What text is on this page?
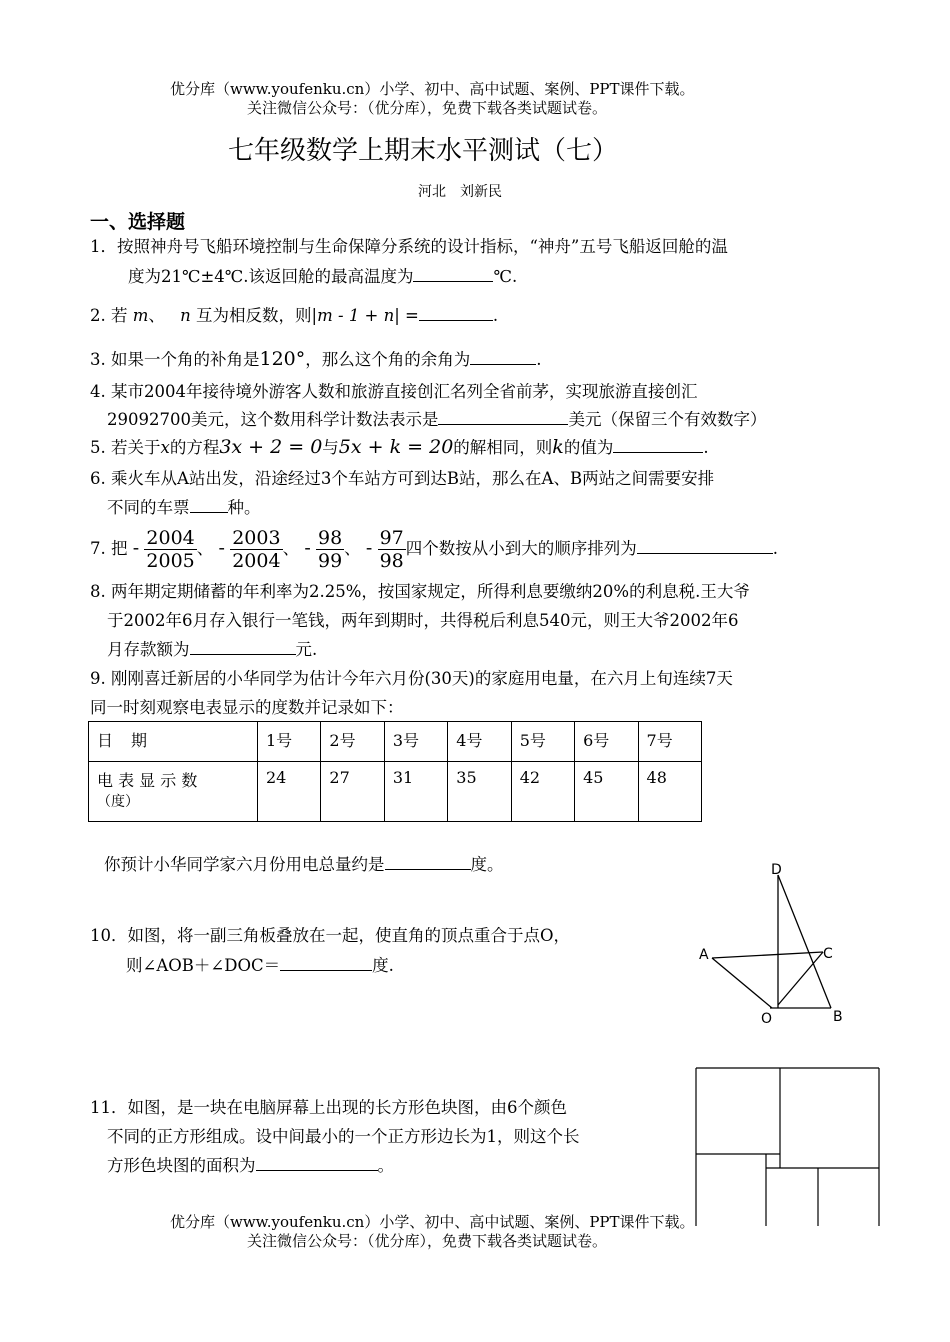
优分库（www.youfenku.cn）小学、初中、高中试题、案例、PPT课件下载。
关注微信公众号：（优分库），免费下载各类试题试卷。
七年级数学上期末水平测试（七）
河北　刘新民
一、选择题
1．按照神舟号飞船环境控制与生命保障分系统的设计指标，“神舟”五号飞船返回舱的温
度为21℃±4℃.该返回舱的最高温度为	℃.
2. 若 m、 n 互为相反数，则|m - 1 + n| =	.
3. 如果一个角的补角是120°，那么这个角的余角为	.
4. 某市2004年接待境外游客人数和旅游直接创汇名列全省前茅，实现旅游直接创汇
29092700美元，这个数用科学计数法表示是	美元（保留三个有效数字）
5. 若关于x的方程3x + 2 = 0与5x + k = 20的解相同，则k的值为	.
6. 乘火车从A站出发，沿途经过3个车站方可到达B站，那么在A、B两站之间需要安排
不同的车票 种。
7. 把 - $\frac{2004}{2005}$ 、 - $\frac{2003}{2004}$ 、 - $\frac{98}{99}$ 、 - $\frac{97}{98}$ 四个数按从小到大的顺序排列为	.
8. 两年期定期储蓄的年利率为2.25%，按国家规定，所得利息要缴纳20%的利息税.王大爷
于2002年6月存入银行一笔钱，两年到期时，共得税后利息540元，则王大爷2002年6
月存款额为	元.
9. 刚刚喜迁新居的小华同学为估计今年六月份(30天)的家庭用电量，在六月上旬连续7天
同一时刻观察电表显示的度数并记录如下：
日　期	1号	2号	3号	4号	5号	6号	7号

电 表 显 示 数
（度）	24	27	31	35	42	45	48
你预计小华同学家六月份用电总量约是	度。
10．如图，将一副三角板叠放在一起，使直角的顶点重合于点O，
则∠AOB＋∠DOC＝	度.
D
A	C
O	B
11．如图，是一块在电脑屏幕上出现的长方形色块图，由6个颜色
不同的正方形组成。设中间最小的一个正方形边长为1，则这个长
方形色块图的面积为	。
优分库（www.youfenku.cn）小学、初中、高中试题、案例、PPT课件下载。
关注微信公众号：（优分库），免费下载各类试题试卷。
